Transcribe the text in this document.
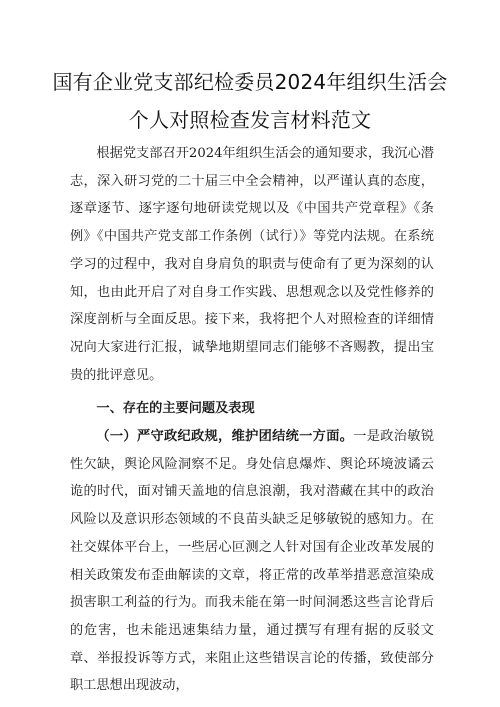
国有企业党支部纪检委员2024年组织生活会
个人对照检查发言材料范文

根据党支部召开2024年组织生活会的通知要求，我沉心潜志，深入研习党的二十届三中全会精神，以严谨认真的态度，逐章逐节、逐字逐句地研读党规以及《中国共产党章程》《条例》《中国共产党支部工作条例（试行）》等党内法规。在系统学习的过程中，我对自身肩负的职责与使命有了更为深刻的认知，也由此开启了对自身工作实践、思想观念以及党性修养的深度剖析与全面反思。接下来，我将把个人对照检查的详细情况向大家进行汇报，诚挚地期望同志们能够不吝赐教，提出宝贵的批评意见。

一、存在的主要问题及表现

（一）严守政纪政规，维护团结统一方面。一是政治敏锐性欠缺，舆论风险洞察不足。身处信息爆炸、舆论环境波谲云诡的时代，面对铺天盖地的信息浪潮，我对潜藏在其中的政治风险以及意识形态领域的不良苗头缺乏足够敏锐的感知力。在社交媒体平台上，一些居心叵测之人针对国有企业改革发展的相关政策发布歪曲解读的文章，将正常的改革举措恶意渲染成损害职工利益的行为。而我未能在第一时间洞悉这些言论背后的危害，也未能迅速集结力量，通过撰写有理有据的反驳文章、举报投诉等方式，来阻止这些错误言论的传播，致使部分职工思想出现波动，
